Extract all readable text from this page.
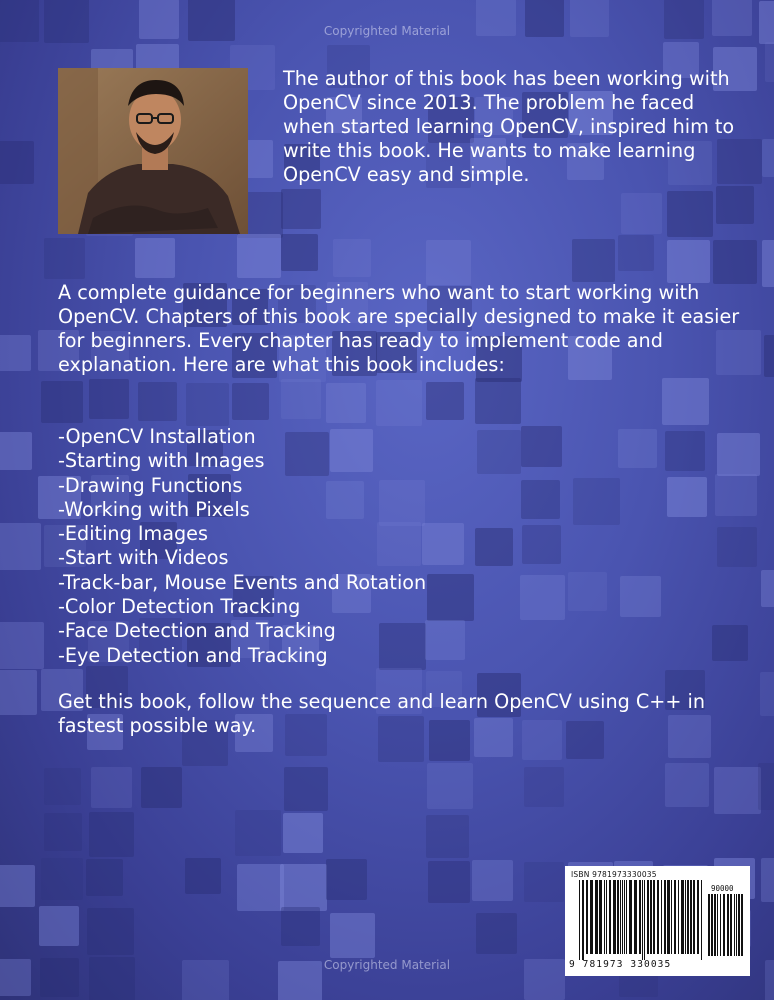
Copyrighted Material
The author of this book has been working with OpenCV since 2013. The problem he faced when started learning OpenCV, inspired him to write this book. He wants to make learning OpenCV easy and simple.
A complete guidance for beginners who want to start working with OpenCV. Chapters of this book are specially designed to make it easier for beginners. Every chapter has ready to implement code and explanation. Here are what this book includes:
-OpenCV Installation
-Starting with Images
-Drawing Functions
-Working with Pixels
-Editing Images
-Start with Videos
-Track-bar, Mouse Events and Rotation
-Color Detection Tracking
-Face Detection and Tracking
-Eye Detection and Tracking
Get this book, follow the sequence and learn OpenCV using C++ in fastest possible way.
ISBN 9781973330035
90000
9 781973 330035
Copyrighted Material
